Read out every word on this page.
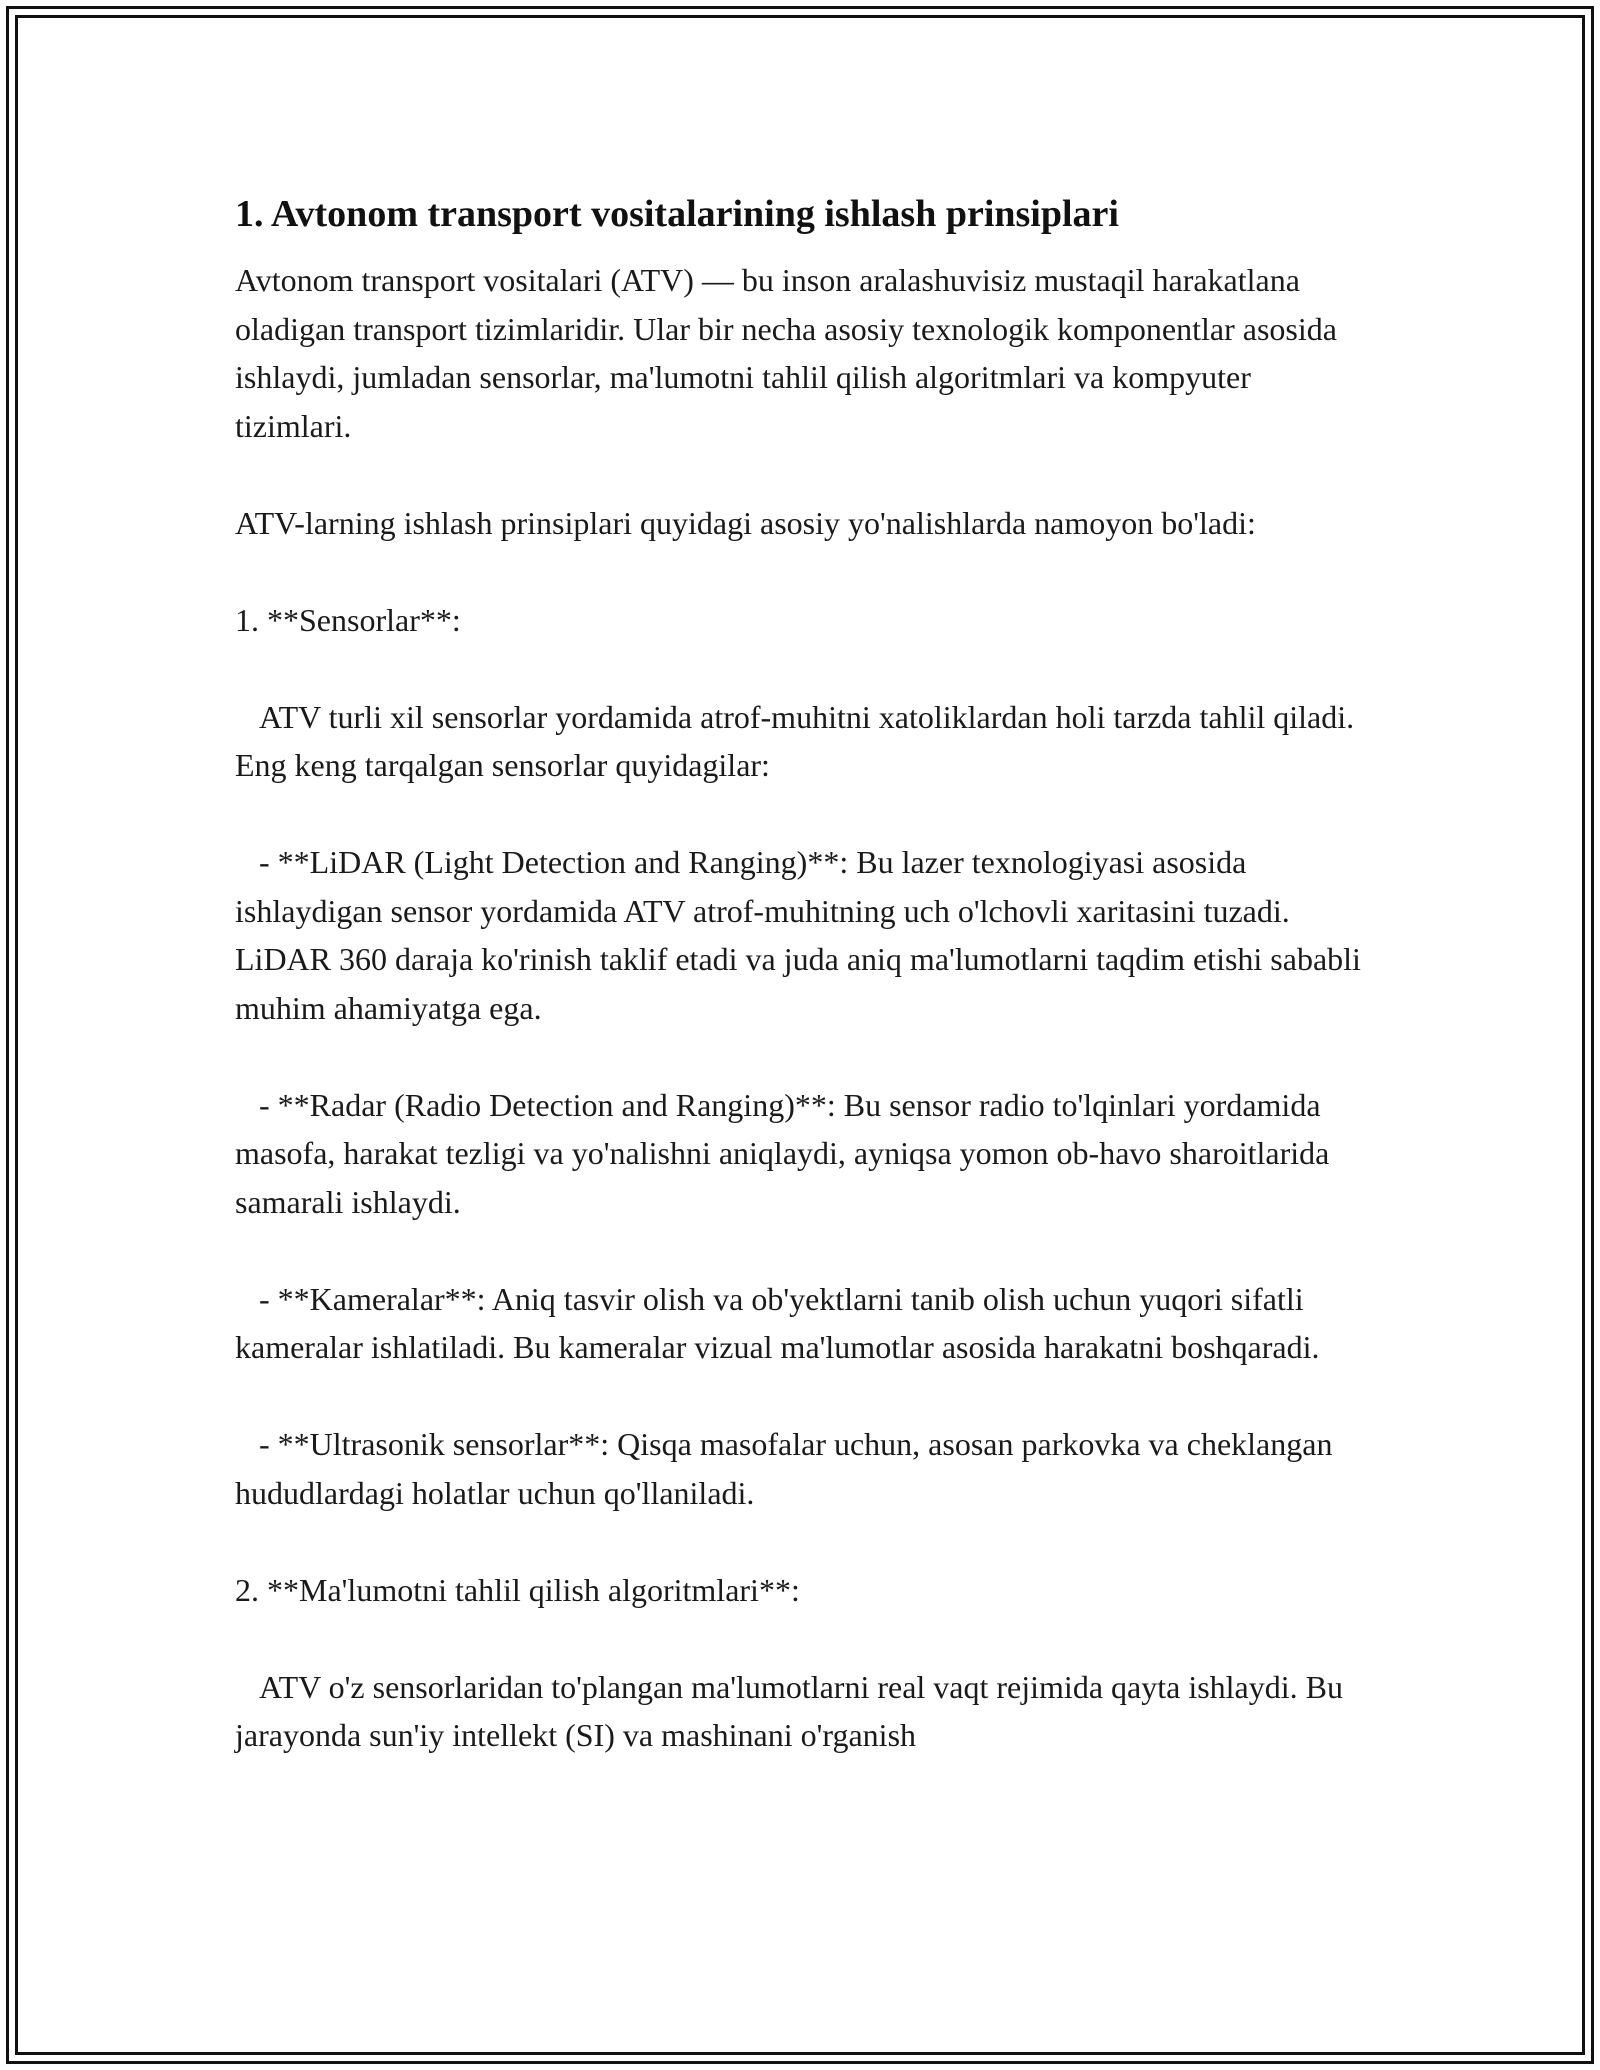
1. Avtonom transport vositalarining ishlash prinsiplari

Avtonom transport vositalari (ATV) — bu inson aralashuvisiz mustaqil harakatlana oladigan transport tizimlaridir. Ular bir necha asosiy texnologik komponentlar asosida ishlaydi, jumladan sensorlar, ma'lumotni tahlil qilish algoritmlari va kompyuter tizimlari.

ATV-larning ishlash prinsiplari quyidagi asosiy yo'nalishlarda namoyon bo'ladi:

1. **Sensorlar**:

ATV turli xil sensorlar yordamida atrof-muhitni xatoliklardan holi tarzda tahlil qiladi. Eng keng tarqalgan sensorlar quyidagilar:

- **LiDAR (Light Detection and Ranging)**: Bu lazer texnologiyasi asosida ishlaydigan sensor yordamida ATV atrof-muhitning uch o'lchovli xaritasini tuzadi. LiDAR 360 daraja ko'rinish taklif etadi va juda aniq ma'lumotlarni taqdim etishi sababli muhim ahamiyatga ega.

- **Radar (Radio Detection and Ranging)**: Bu sensor radio to'lqinlari yordamida masofa, harakat tezligi va yo'nalishni aniqlaydi, ayniqsa yomon ob-havo sharoitlarida samarali ishlaydi.

- **Kameralar**: Aniq tasvir olish va ob'yektlarni tanib olish uchun yuqori sifatli kameralar ishlatiladi. Bu kameralar vizual ma'lumotlar asosida harakatni boshqaradi.

- **Ultrasonik sensorlar**: Qisqa masofalar uchun, asosan parkovka va cheklangan hududlardagi holatlar uchun qo'llaniladi.

2. **Ma'lumotni tahlil qilish algoritmlari**:

ATV o'z sensorlaridan to'plangan ma'lumotlarni real vaqt rejimida qayta ishlaydi. Bu jarayonda sun'iy intellekt (SI) va mashinani o'rganish
